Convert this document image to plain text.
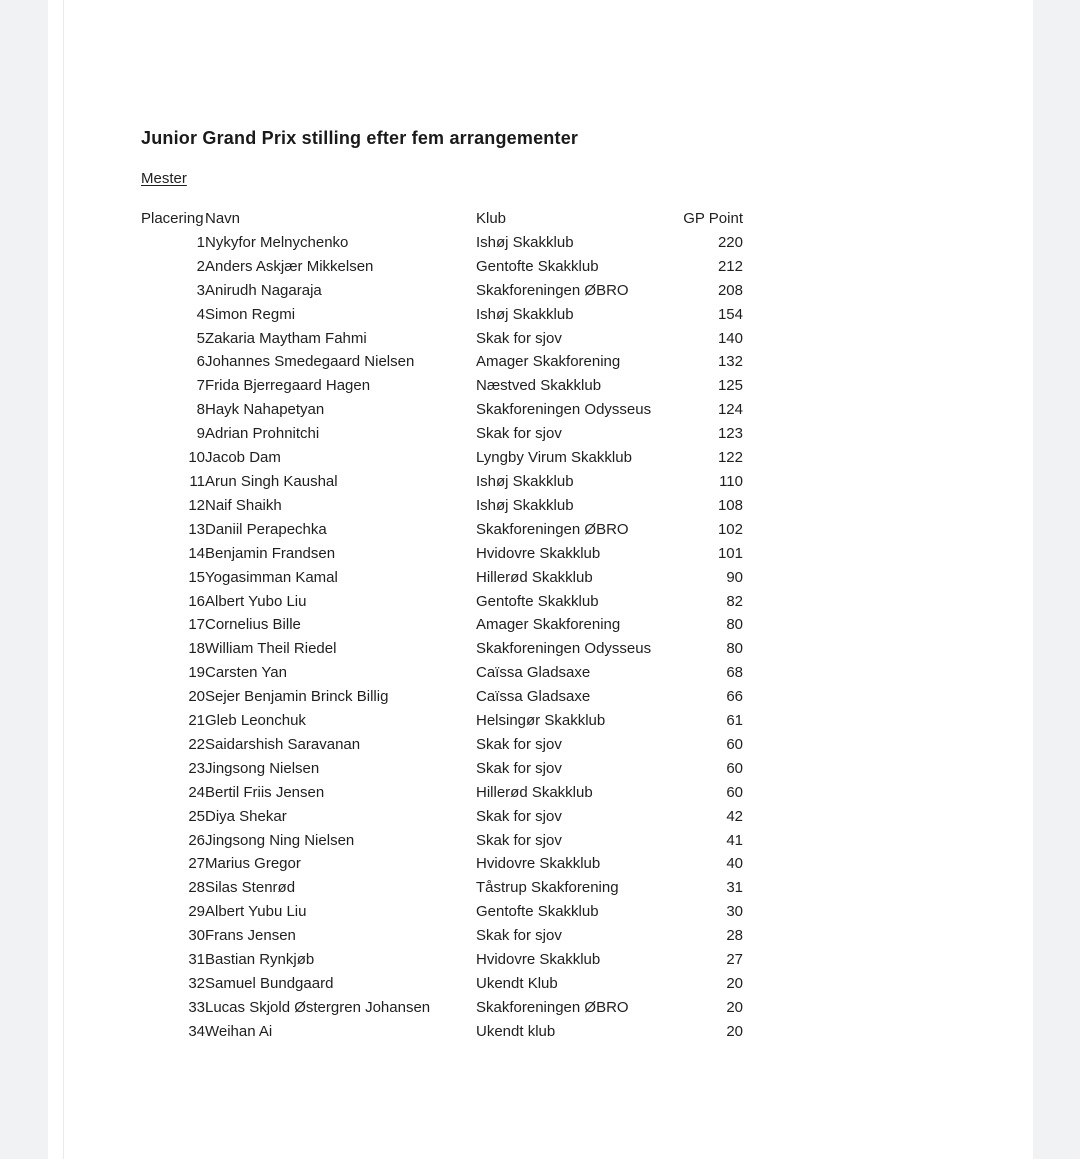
Junior Grand Prix stilling efter fem arrangementer
Mester
Placering	Navn	Klub	GP Point
1	Nykyfor Melnychenko	Ishøj Skakklub	220
2	Anders Askjær Mikkelsen	Gentofte Skakklub	212
3	Anirudh Nagaraja	Skakforeningen ØBRO	208
4	Simon Regmi	Ishøj Skakklub	154
5	Zakaria Maytham Fahmi	Skak for sjov	140
6	Johannes Smedegaard Nielsen	Amager Skakforening	132
7	Frida Bjerregaard Hagen	Næstved Skakklub	125
8	Hayk Nahapetyan	Skakforeningen Odysseus	124
9	Adrian Prohnitchi	Skak for sjov	123
10	Jacob Dam	Lyngby Virum Skakklub	122
11	Arun Singh Kaushal	Ishøj Skakklub	110
12	Naif Shaikh	Ishøj Skakklub	108
13	Daniil Perapechka	Skakforeningen ØBRO	102
14	Benjamin Frandsen	Hvidovre Skakklub	101
15	Yogasimman Kamal	Hillerød Skakklub	90
16	Albert Yubo Liu	Gentofte Skakklub	82
17	Cornelius Bille	Amager Skakforening	80
18	William Theil Riedel	Skakforeningen Odysseus	80
19	Carsten Yan	Caïssa Gladsaxe	68
20	Sejer Benjamin Brinck Billig	Caïssa Gladsaxe	66
21	Gleb Leonchuk	Helsingør Skakklub	61
22	Saidarshish Saravanan	Skak for sjov	60
23	Jingsong Nielsen	Skak for sjov	60
24	Bertil Friis Jensen	Hillerød Skakklub	60
25	Diya Shekar	Skak for sjov	42
26	Jingsong Ning Nielsen	Skak for sjov	41
27	Marius Gregor	Hvidovre Skakklub	40
28	Silas Stenrød	Tåstrup Skakforening	31
29	Albert Yubu Liu	Gentofte Skakklub	30
30	Frans Jensen	Skak for sjov	28
31	Bastian Rynkjøb	Hvidovre Skakklub	27
32	Samuel Bundgaard	Ukendt Klub	20
33	Lucas Skjold Østergren Johansen	Skakforeningen ØBRO	20
34	Weihan Ai	Ukendt klub	20
